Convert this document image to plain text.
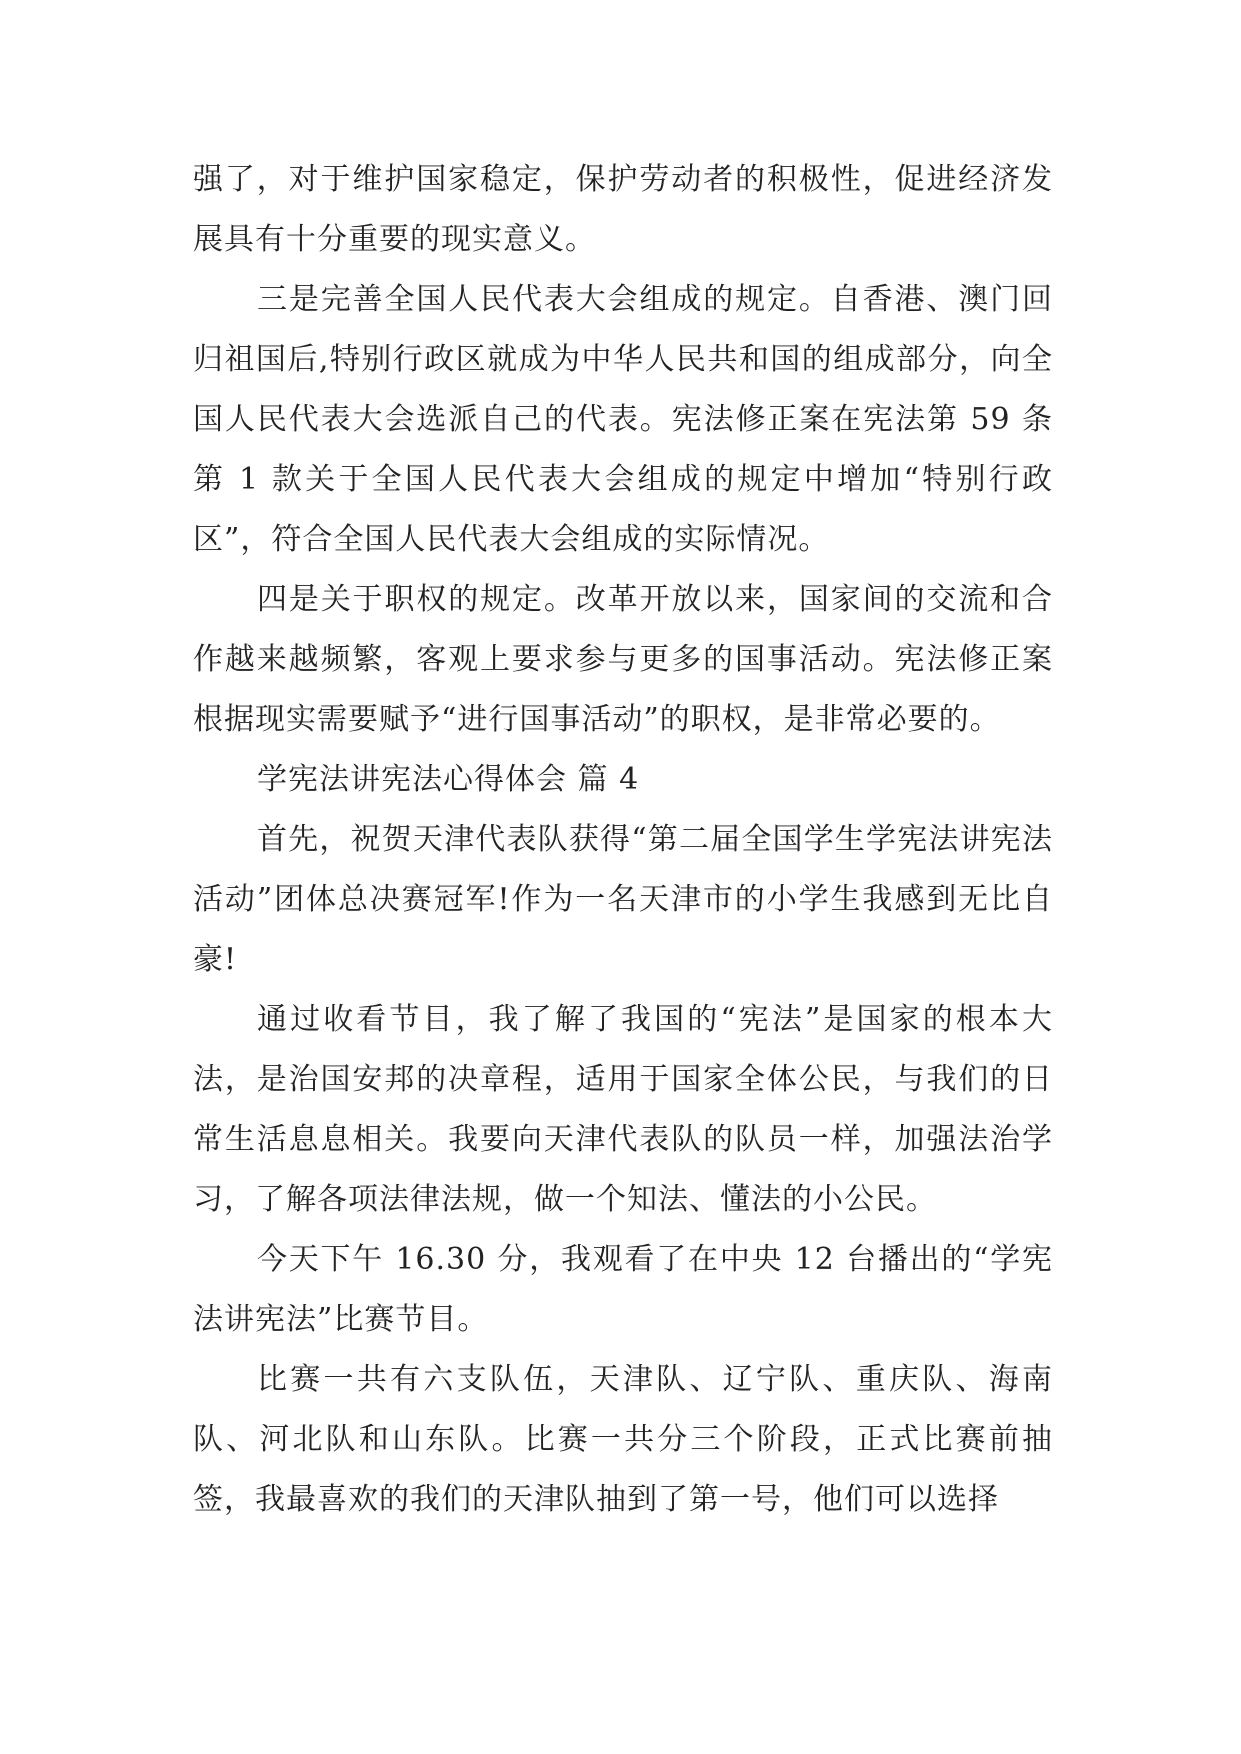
强了，对于维护国家稳定，保护劳动者的积极性，促进经济发展具有十分重要的现实意义。

三是完善全国人民代表大会组成的规定。自香港、澳门回归祖国后,特别行政区就成为中华人民共和国的组成部分，向全国人民代表大会选派自己的代表。宪法修正案在宪法第 59 条第 1 款关于全国人民代表大会组成的规定中增加“特别行政区”，符合全国人民代表大会组成的实际情况。

四是关于职权的规定。改革开放以来，国家间的交流和合作越来越频繁，客观上要求参与更多的国事活动。宪法修正案根据现实需要赋予“进行国事活动”的职权，是非常必要的。

学宪法讲宪法心得体会 篇 4

首先，祝贺天津代表队获得“第二届全国学生学宪法讲宪法活动”团体总决赛冠军!作为一名天津市的小学生我感到无比自豪!

通过收看节目，我了解了我国的“宪法”是国家的根本大法，是治国安邦的决章程，适用于国家全体公民，与我们的日常生活息息相关。我要向天津代表队的队员一样，加强法治学习，了解各项法律法规，做一个知法、懂法的小公民。

今天下午 16.30 分，我观看了在中央 12 台播出的“学宪法讲宪法”比赛节目。

比赛一共有六支队伍，天津队、辽宁队、重庆队、海南队、河北队和山东队。比赛一共分三个阶段，正式比赛前抽签，我最喜欢的我们的天津队抽到了第一号，他们可以选择
